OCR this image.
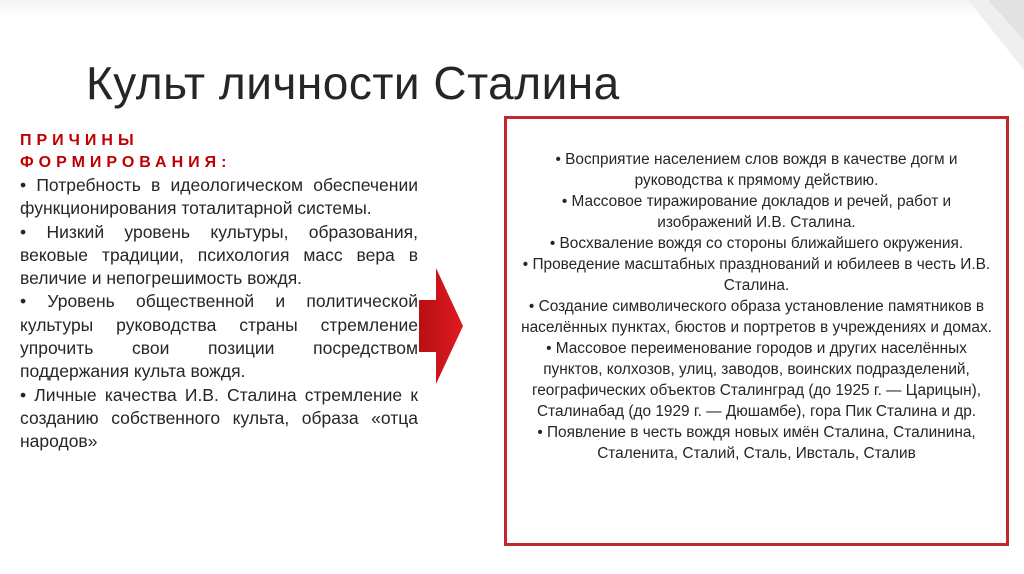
Культ личности Сталина
ПРИЧИНЫ
ФОРМИРОВАНИЯ:
• Потребность в идеологическом обеспечении функционирования тоталитарной системы.
• Низкий уровень культуры, образования, вековые традиции, психология масс вера в величие и непогрешимость вождя.
• Уровень общественной и политической культуры руководства страны стремление упрочить свои позиции посредством поддержания культа вождя.
• Личные качества И.В. Сталина стремление к созданию собственного культа, образа «отца народов»
• Восприятие населением слов вождя в качестве догм и руководства к прямому действию.
• Массовое тиражирование докладов и речей, работ и изображений И.В. Сталина.
• Восхваление вождя со стороны ближайшего окружения.
• Проведение масштабных празднований и юбилеев в честь И.В. Сталина.
• Создание символического образа установление памятников в населённых пунктах, бюстов и портретов в учреждениях и домах.
• Массовое переименование городов и других населённых пунктов, колхозов, улиц, заводов, воинских подразделений, географических объектов Сталинград (до 1925 г. — Царицын), Сталинабад (до 1929 г. — Дюшамбе), гора Пик Сталина и др.
• Появление в честь вождя новых имён Сталина, Сталинина, Сталенита, Сталий, Сталь, Ивсталь, Сталив
